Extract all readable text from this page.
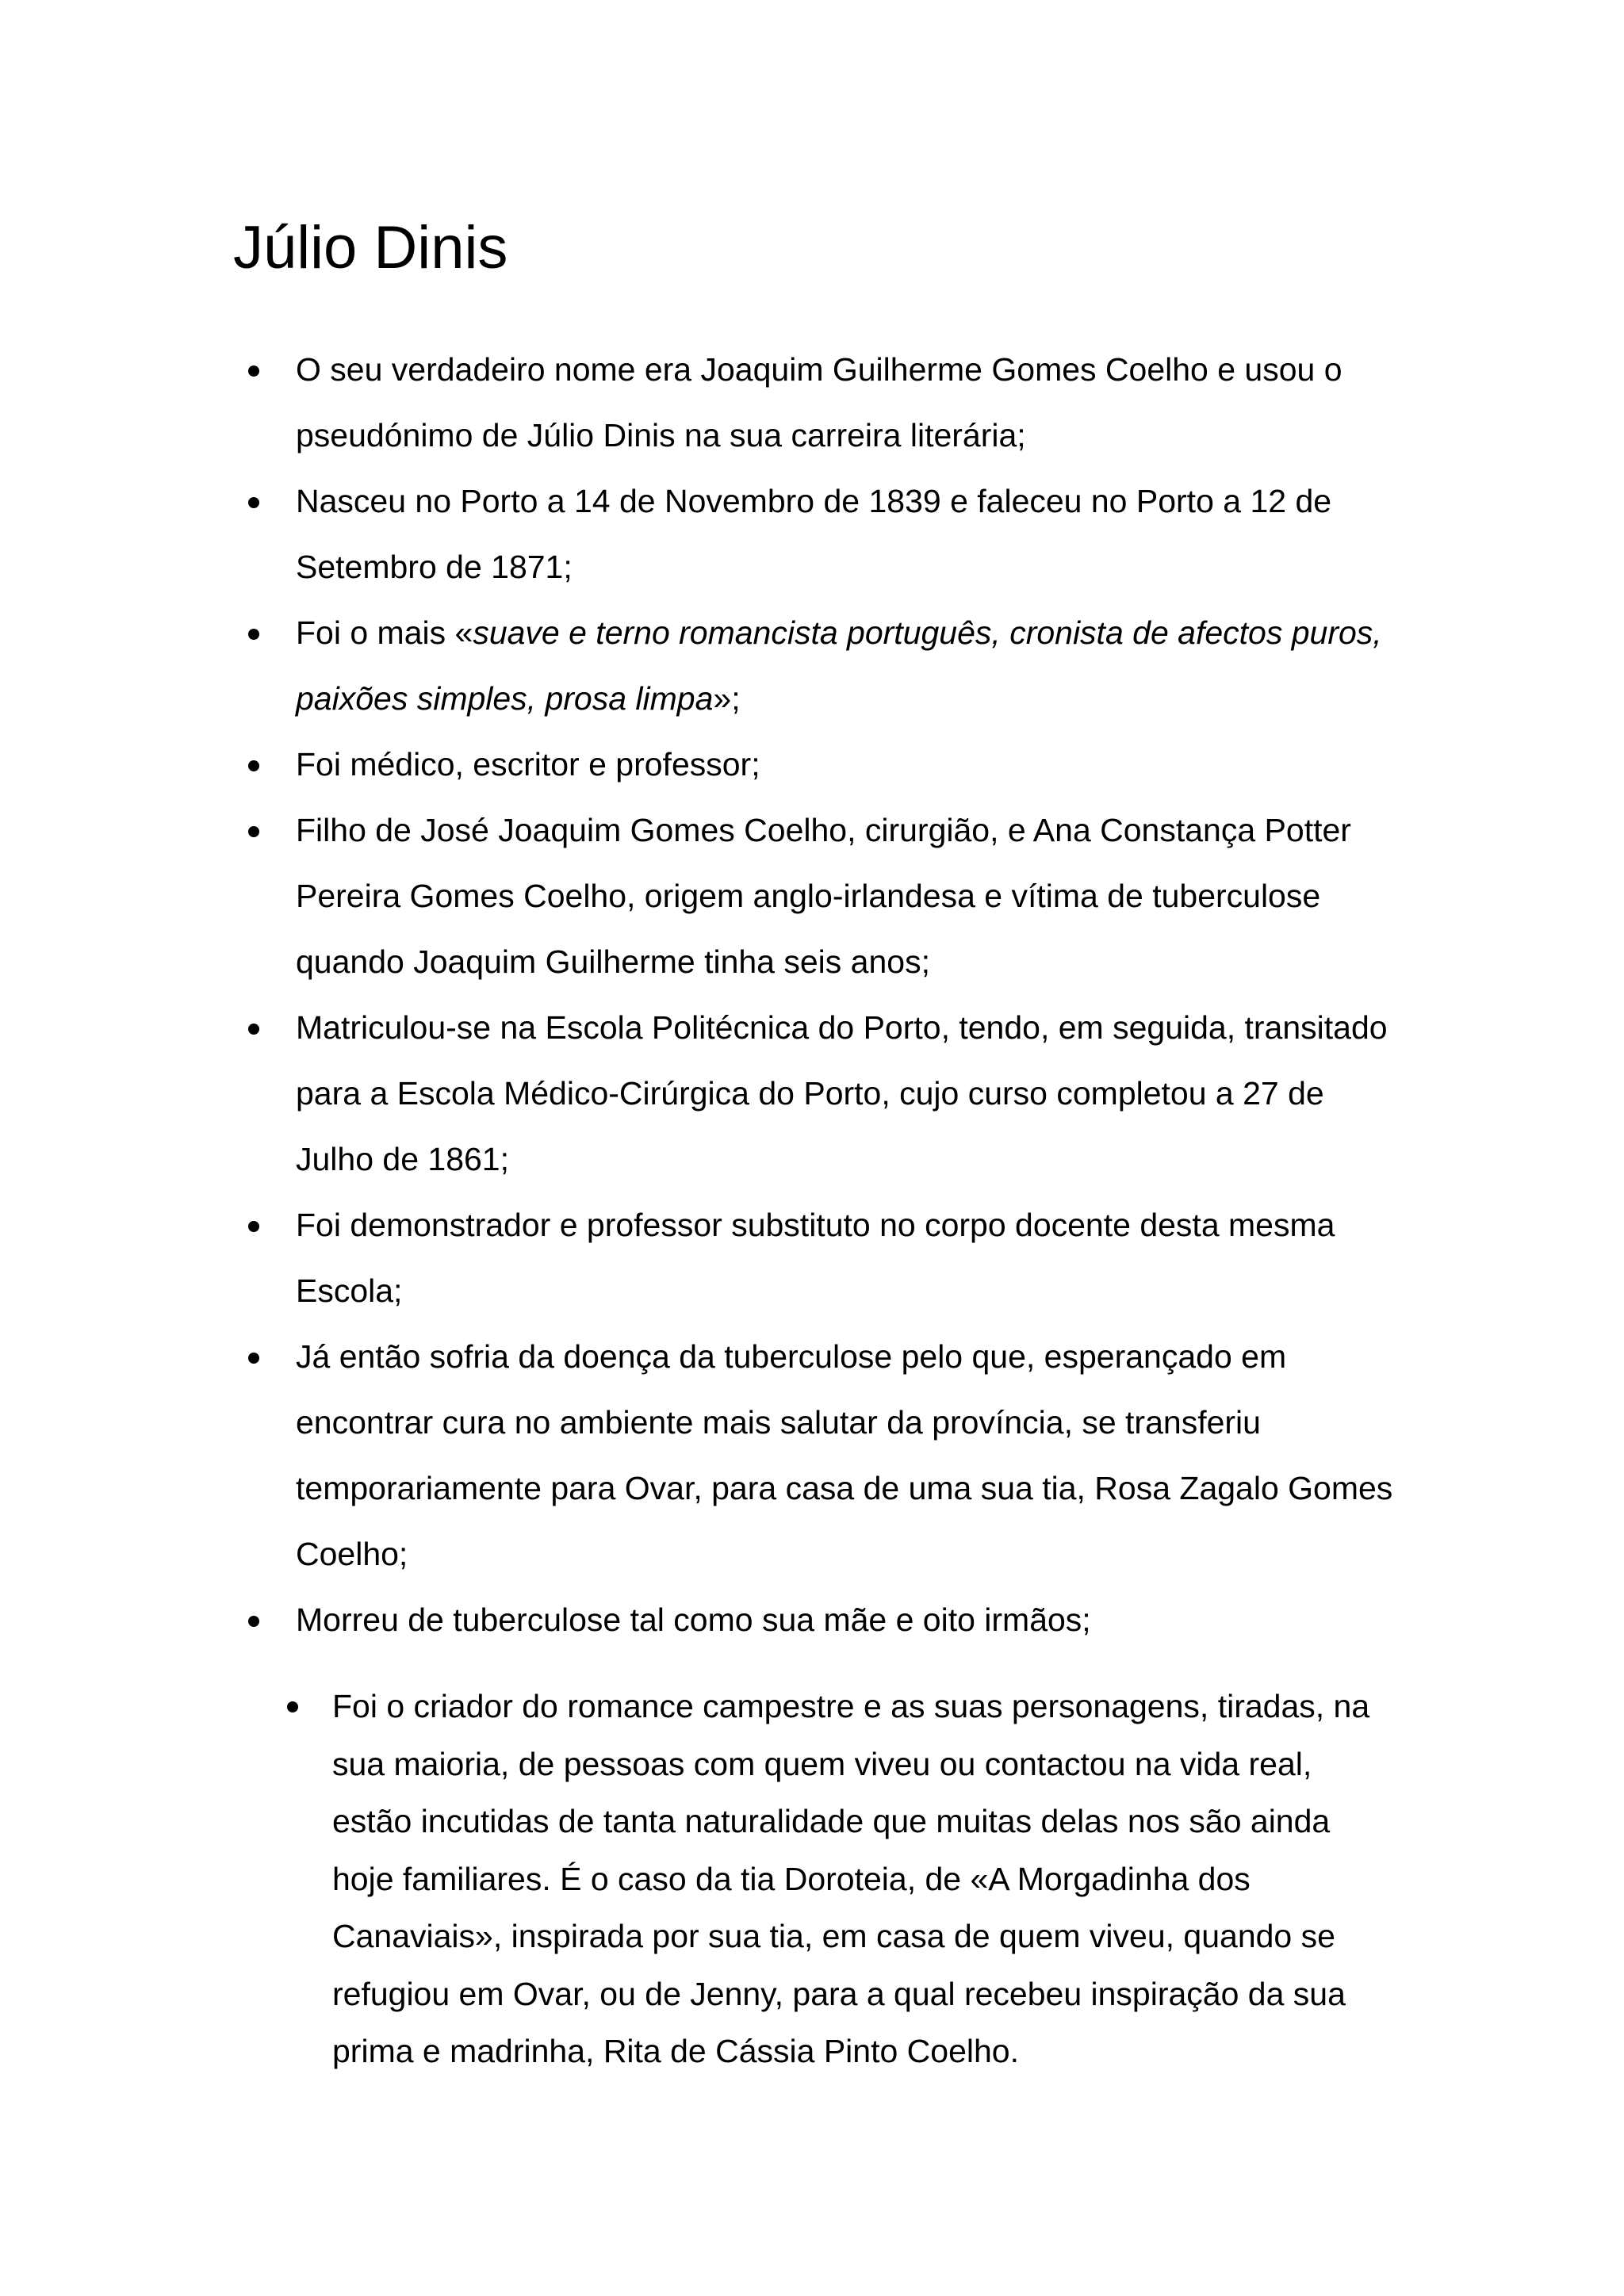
Júlio Dinis
O seu verdadeiro nome era Joaquim Guilherme Gomes Coelho e usou o pseudónimo de Júlio Dinis na sua carreira literária;
Nasceu no Porto a 14 de Novembro de 1839 e faleceu no Porto a 12 de Setembro de 1871;
Foi o mais «suave e terno romancista português, cronista de afectos puros, paixões simples, prosa limpa»;
Foi médico, escritor e professor;
Filho de José Joaquim Gomes Coelho, cirurgião, e Ana Constança Potter Pereira Gomes Coelho, origem anglo-irlandesa e vítima de tuberculose quando Joaquim Guilherme tinha seis anos;
Matriculou-se na Escola Politécnica do Porto, tendo, em seguida, transitado para a Escola Médico-Cirúrgica do Porto, cujo curso completou a 27 de Julho de 1861;
Foi demonstrador e professor substituto no corpo docente desta mesma Escola;
Já então sofria da doença da tuberculose pelo que, esperançado em encontrar cura no ambiente mais salutar da província, se transferiu temporariamente para Ovar, para casa de uma sua tia, Rosa Zagalo Gomes Coelho;
Morreu de tuberculose tal como sua mãe e oito irmãos;
Foi o criador do romance campestre e as suas personagens, tiradas, na sua maioria, de pessoas com quem viveu ou contactou na vida real, estão incutidas de tanta naturalidade que muitas delas nos são ainda hoje familiares. É o caso da tia Doroteia, de «A Morgadinha dos Canaviais», inspirada por sua tia, em casa de quem viveu, quando se refugiou em Ovar, ou de Jenny, para a qual recebeu inspiração da sua prima e madrinha, Rita de Cássia Pinto Coelho.
